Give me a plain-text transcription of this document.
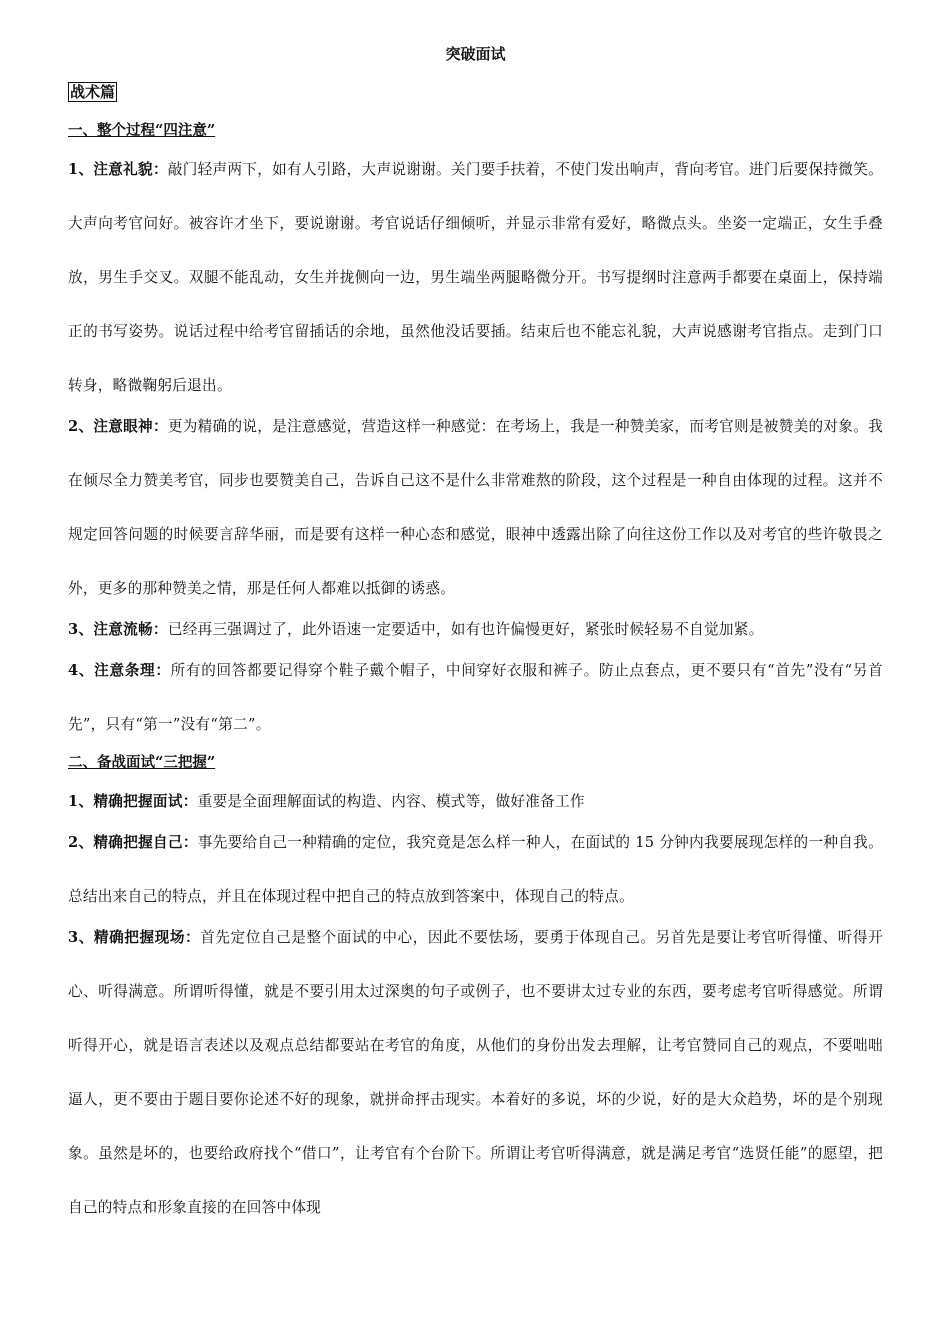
突破面试
战术篇
一、整个过程“四注意”

1、注意礼貌：敲门轻声两下，如有人引路，大声说谢谢。关门要手扶着，不使门发出响声，背向考官。进门后要保持微笑。大声向考官问好。被容许才坐下，要说谢谢。考官说话仔细倾听，并显示非常有爱好，略微点头。坐姿一定端正，女生手叠放，男生手交叉。双腿不能乱动，女生并拢侧向一边，男生端坐两腿略微分开。书写提纲时注意两手都要在桌面上，保持端正的书写姿势。说话过程中给考官留插话的余地，虽然他没话要插。结束后也不能忘礼貌，大声说感谢考官指点。走到门口转身，略微鞠躬后退出。

2、注意眼神：更为精确的说，是注意感觉，营造这样一种感觉：在考场上，我是一种赞美家，而考官则是被赞美的对象。我在倾尽全力赞美考官，同步也要赞美自己，告诉自己这不是什么非常难熬的阶段，这个过程是一种自由体现的过程。这并不规定回答问题的时候要言辞华丽，而是要有这样一种心态和感觉，眼神中透露出除了向往这份工作以及对考官的些许敬畏之外，更多的那种赞美之情，那是任何人都难以抵御的诱惑。

3、注意流畅：已经再三强调过了，此外语速一定要适中，如有也许偏慢更好，紧张时候轻易不自觉加紧。

4、注意条理：所有的回答都要记得穿个鞋子戴个帽子，中间穿好衣服和裤子。防止点套点，更不要只有“首先”没有“另首先”，只有“第一”没有“第二”。

二、备战面试“三把握”

1、精确把握面试：重要是全面理解面试的构造、内容、模式等，做好准备工作

2、精确把握自己：事先要给自己一种精确的定位，我究竟是怎么样一种人，在面试的 15 分钟内我要展现怎样的一种自我。总结出来自己的特点，并且在体现过程中把自己的特点放到答案中，体现自己的特点。

3、精确把握现场：首先定位自己是整个面试的中心，因此不要怯场，要勇于体现自己。另首先是要让考官听得懂、听得开心、听得满意。所谓听得懂，就是不要引用太过深奥的句子或例子，也不要讲太过专业的东西，要考虑考官听得感觉。所谓听得开心，就是语言表述以及观点总结都要站在考官的角度，从他们的身份出发去理解，让考官赞同自己的观点，不要咄咄逼人，更不要由于题目要你论述不好的现象，就拼命抨击现实。本着好的多说，坏的少说，好的是大众趋势，坏的是个别现象。虽然是坏的，也要给政府找个“借口”，让考官有个台阶下。所谓让考官听得满意，就是满足考官“选贤任能”的愿望，把自己的特点和形象直接的在回答中体现
